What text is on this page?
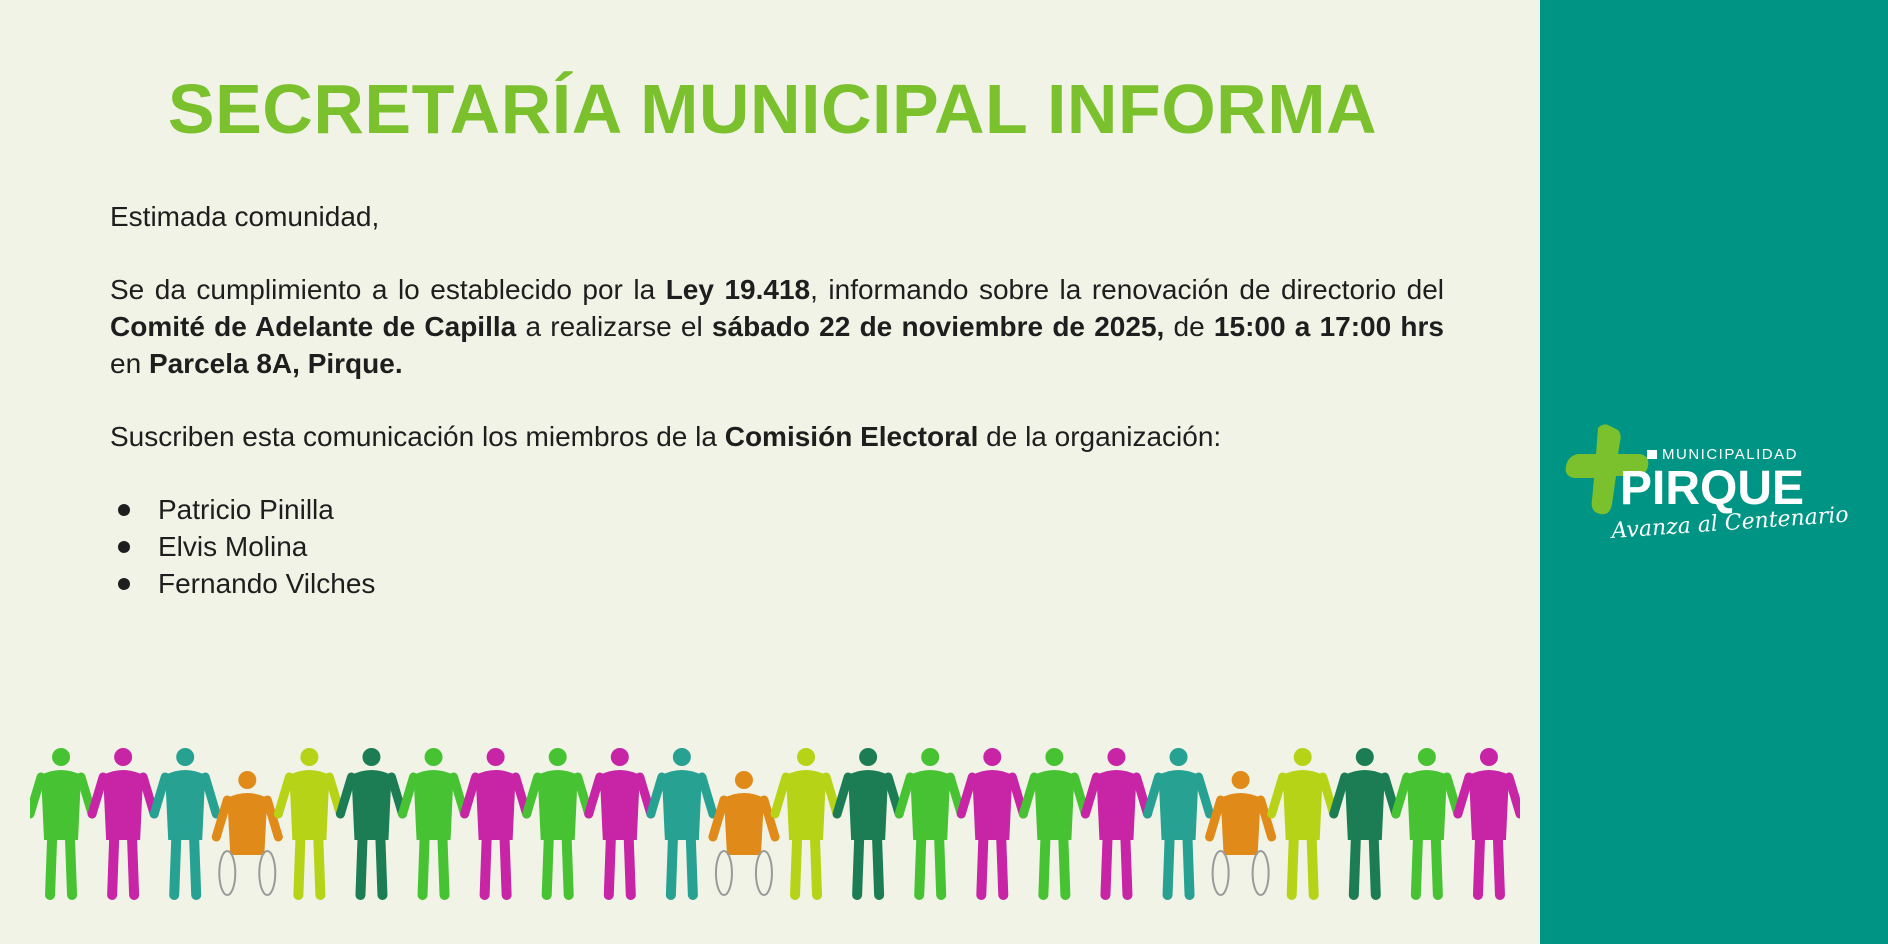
SECRETARÍA MUNICIPAL INFORMA

Estimada comunidad,

Se da cumplimiento a lo establecido por la Ley 19.418, informando sobre la renovación de directorio del Comité de Adelante de Capilla a realizarse el sábado 22 de noviembre de 2025, de 15:00 a 17:00 hrs en Parcela 8A, Pirque.

Suscriben esta comunicación los miembros de la Comisión Electoral de la organización:

Patricio Pinilla
Elvis Molina
Fernando Vilches
MUNICIPALIDAD
PIRQUE
Avanza al Centenario
